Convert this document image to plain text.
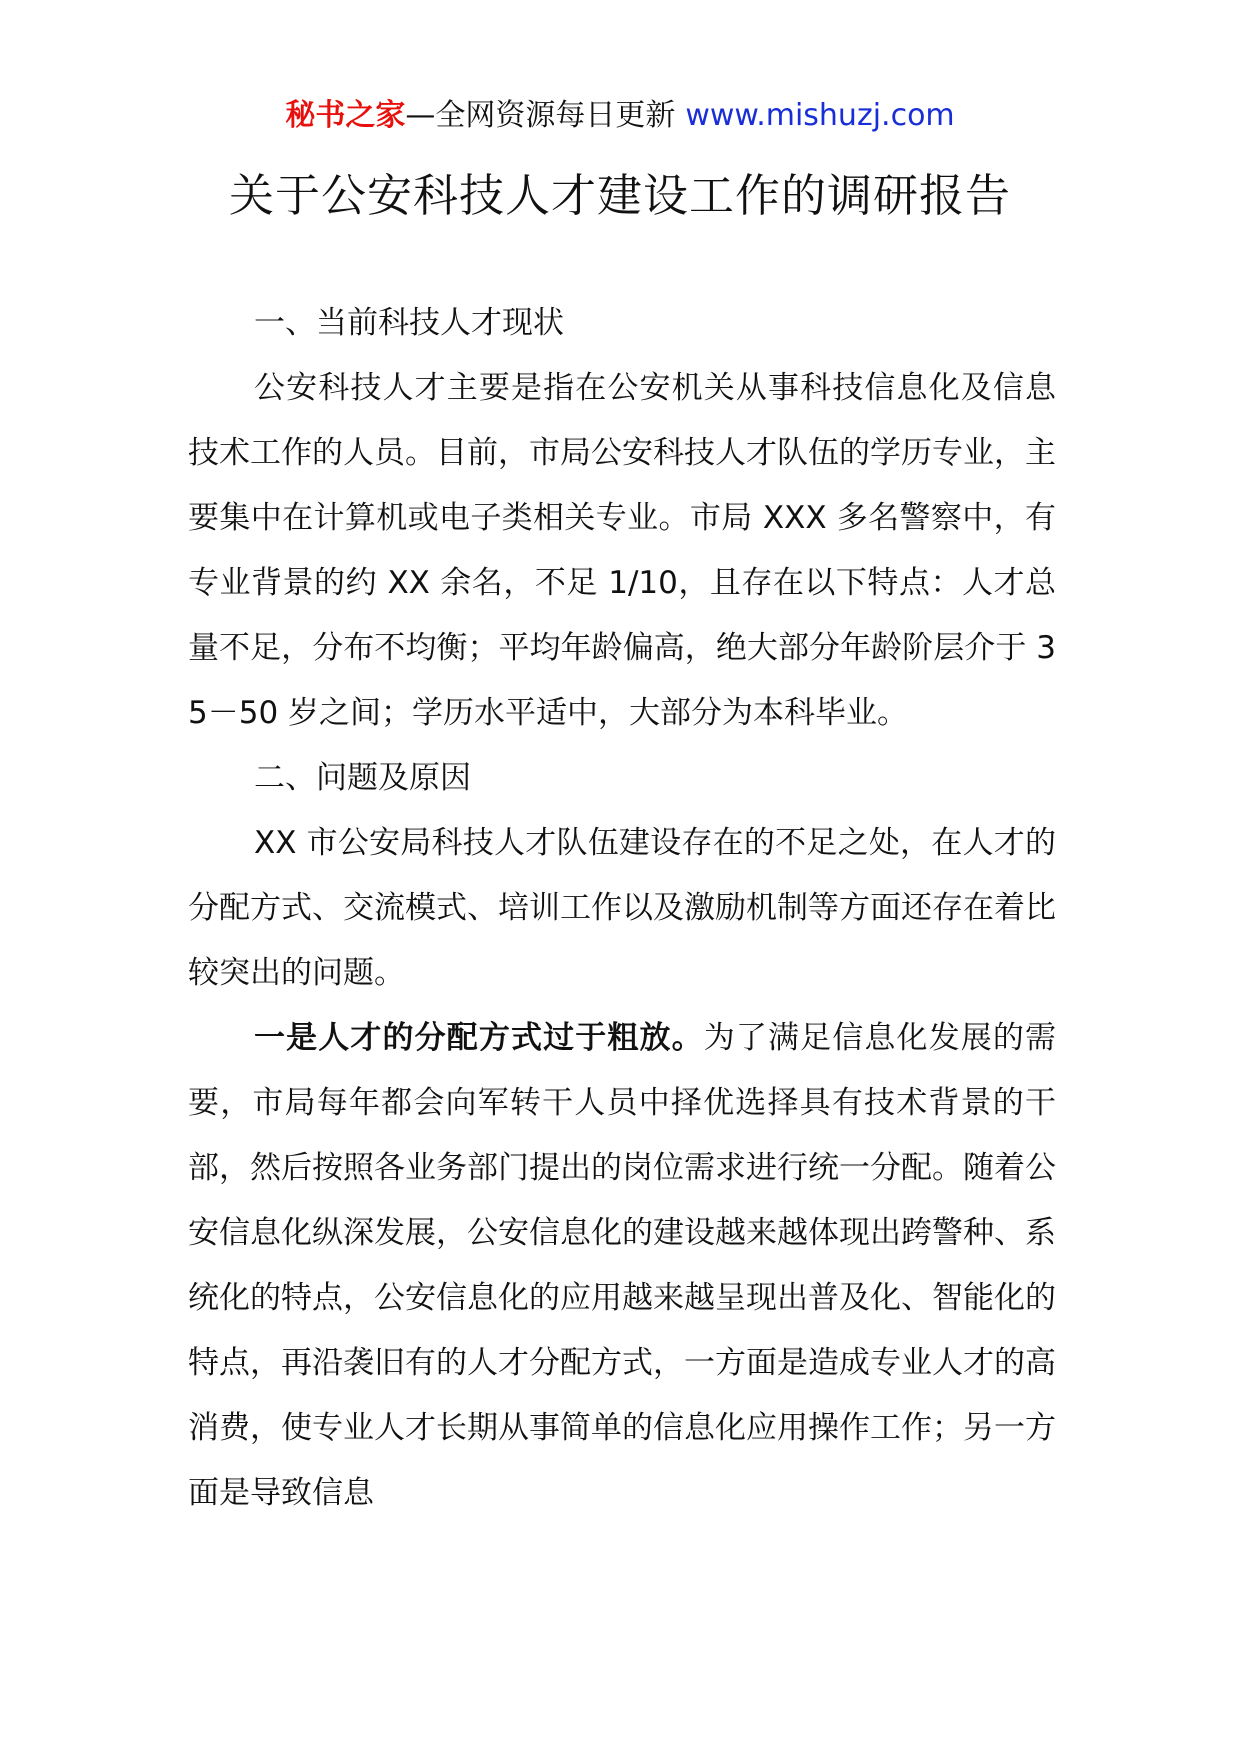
秘书之家—全网资源每日更新 www.mishuzj.com
关于公安科技人才建设工作的调研报告

一、当前科技人才现状

公安科技人才主要是指在公安机关从事科技信息化及信息技术工作的人员。目前，市局公安科技人才队伍的学历专业，主要集中在计算机或电子类相关专业。市局 XXX 多名警察中，有专业背景的约 XX 余名，不足 1/10，且存在以下特点：人才总量不足，分布不均衡；平均年龄偏高，绝大部分年龄阶层介于 35－50 岁之间；学历水平适中，大部分为本科毕业。

二、问题及原因

XX 市公安局科技人才队伍建设存在的不足之处，在人才的分配方式、交流模式、培训工作以及激励机制等方面还存在着比较突出的问题。

一是人才的分配方式过于粗放。为了满足信息化发展的需要，市局每年都会向军转干人员中择优选择具有技术背景的干部，然后按照各业务部门提出的岗位需求进行统一分配。随着公安信息化纵深发展，公安信息化的建设越来越体现出跨警种、系统化的特点，公安信息化的应用越来越呈现出普及化、智能化的特点，再沿袭旧有的人才分配方式，一方面是造成专业人才的高消费，使专业人才长期从事简单的信息化应用操作工作；另一方面是导致信息
